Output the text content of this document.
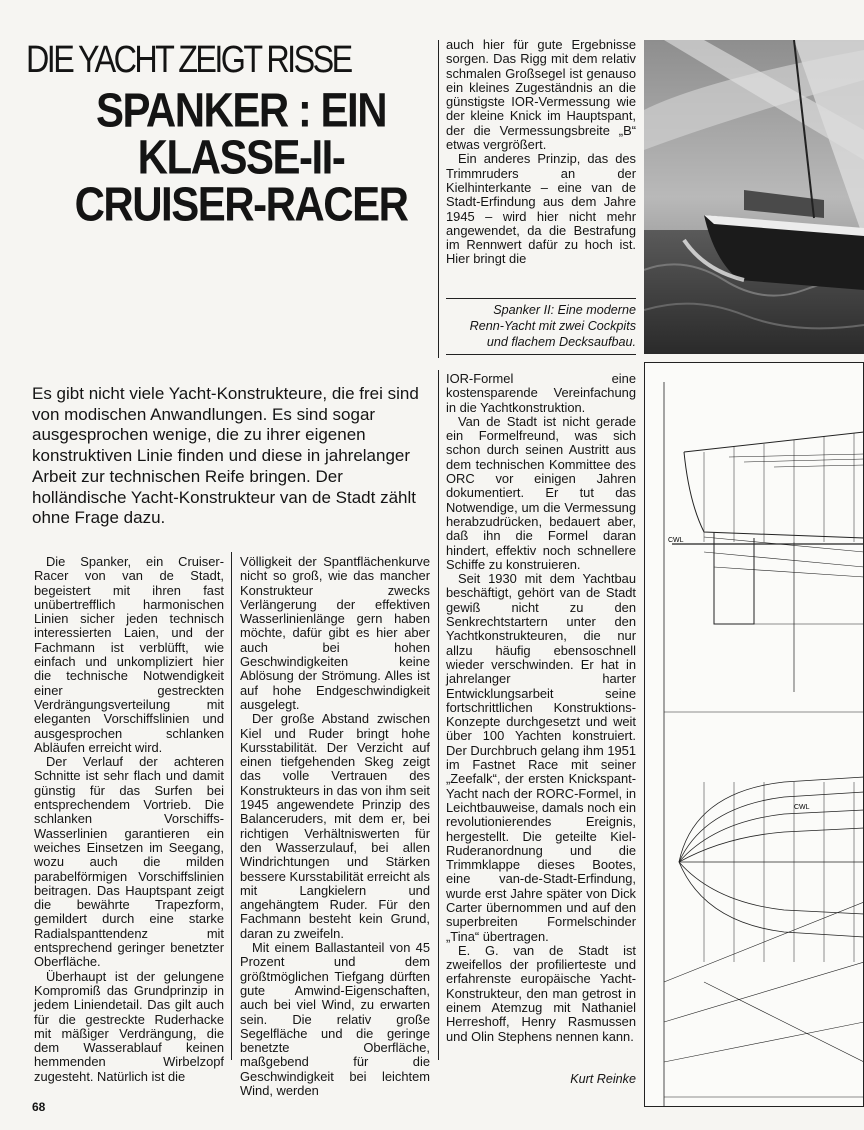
DIE YACHT ZEIGT RISSE
SPANKER : EIN
KLASSE-II-
CRUISER-RACER

auch hier für gute Ergebnisse sorgen. Das Rigg mit dem relativ schmalen Großsegel ist genauso ein kleines Zugeständnis an die günstigste IOR-Vermessung wie der kleine Knick im Hauptspant, der die Vermessungsbreite „B“ etwas vergrößert.

Ein anderes Prinzip, das des Trimmruders an der Kielhinterkante – eine van de Stadt-Erfindung aus dem Jahre 1945 – wird hier nicht mehr angewendet, da die Bestrafung im Rennwert dafür zu hoch ist. Hier bringt die

Spanker II: Eine moderne
Renn-Yacht mit zwei Cockpits
und flachem Decksaufbau.
Es gibt nicht viele Yacht-Konstrukteure, die frei sind von modischen Anwandlungen. Es sind sogar ausgesprochen wenige, die zu ihrer eigenen konstruktiven Linie finden und diese in jahrelanger Arbeit zur technischen Reife bringen. Der holländische Yacht-Konstrukteur van de Stadt zählt ohne Frage dazu.

Die Spanker, ein Cruiser-Racer von van de Stadt, begeistert mit ihren fast unübertrefflich harmonischen Linien sicher jeden technisch interessierten Laien, und der Fachmann ist verblüfft, wie einfach und unkompliziert hier die technische Notwendigkeit einer gestreckten Verdrängungsverteilung mit eleganten Vorschiffslinien und ausgesprochen schlanken Abläufen erreicht wird.

Der Verlauf der achteren Schnitte ist sehr flach und damit günstig für das Surfen bei entsprechendem Vortrieb. Die schlanken Vorschiffs-Wasserlinien garantieren ein weiches Einsetzen im Seegang, wozu auch die milden parabelförmigen Vorschiffslinien beitragen. Das Hauptspant zeigt die bewährte Trapezform, gemildert durch eine starke Radialspanttendenz mit entsprechend geringer benetzter Oberfläche.

Überhaupt ist der gelungene Kompromiß das Grundprinzip in jedem Liniendetail. Das gilt auch für die gestreckte Ruderhacke mit mäßiger Verdrängung, die dem Wasserablauf keinen hemmenden Wirbelzopf zugesteht. Natürlich ist die

Völligkeit der Spantflächenkurve nicht so groß, wie das mancher Konstrukteur zwecks Verlängerung der effektiven Wasserlinienlänge gern haben möchte, dafür gibt es hier aber auch bei hohen Geschwindigkeiten keine Ablösung der Strömung. Alles ist auf hohe Endgeschwindigkeit ausgelegt.

Der große Abstand zwischen Kiel und Ruder bringt hohe Kursstabilität. Der Verzicht auf einen tiefgehenden Skeg zeigt das volle Vertrauen des Konstrukteurs in das von ihm seit 1945 angewendete Prinzip des Balanceruders, mit dem er, bei richtigen Verhältniswerten für den Wasserzulauf, bei allen Windrichtungen und Stärken bessere Kursstabilität erreicht als mit Langkielern und angehängtem Ruder. Für den Fachmann besteht kein Grund, daran zu zweifeln.

Mit einem Ballastanteil von 45 Prozent und dem größtmöglichen Tiefgang dürften gute Amwind-Eigenschaften, auch bei viel Wind, zu erwarten sein. Die relativ große Segelfläche und die geringe benetzte Oberfläche, maßgebend für die Geschwindigkeit bei leichtem Wind, werden

IOR-Formel eine kostensparende Vereinfachung in die Yachtkonstruktion.

Van de Stadt ist nicht gerade ein Formelfreund, was sich schon durch seinen Austritt aus dem technischen Kommittee des ORC vor einigen Jahren dokumentiert. Er tut das Notwendige, um die Vermessung herabzudrücken, bedauert aber, daß ihn die Formel daran hindert, effektiv noch schnellere Schiffe zu konstruieren.

Seit 1930 mit dem Yachtbau beschäftigt, gehört van de Stadt gewiß nicht zu den Senkrechtstartern unter den Yachtkonstrukteuren, die nur allzu häufig ebensoschnell wieder verschwinden. Er hat in jahrelanger harter Entwicklungsarbeit seine fortschrittlichen Konstruktions-Konzepte durchgesetzt und weit über 100 Yachten konstruiert. Der Durchbruch gelang ihm 1951 im Fastnet Race mit seiner „Zeefalk“, der ersten Knickspant-Yacht nach der RORC-Formel, in Leichtbauweise, damals noch ein revolutionierendes Ereignis, hergestellt. Die geteilte Kiel-Ruderanordnung und die Trimmklappe dieses Bootes, eine van-de-Stadt-Erfindung, wurde erst Jahre später von Dick Carter übernommen und auf den superbreiten Formelschinder „Tina“ übertragen.

E. G. van de Stadt ist zweifellos der profilierteste und erfahrenste europäische Yacht-Konstrukteur, den man getrost in einem Atemzug mit Nathaniel Herreshoff, Henry Rasmussen und Olin Stephens nennen kann.

Kurt Reinke
CWL
CWL
68
